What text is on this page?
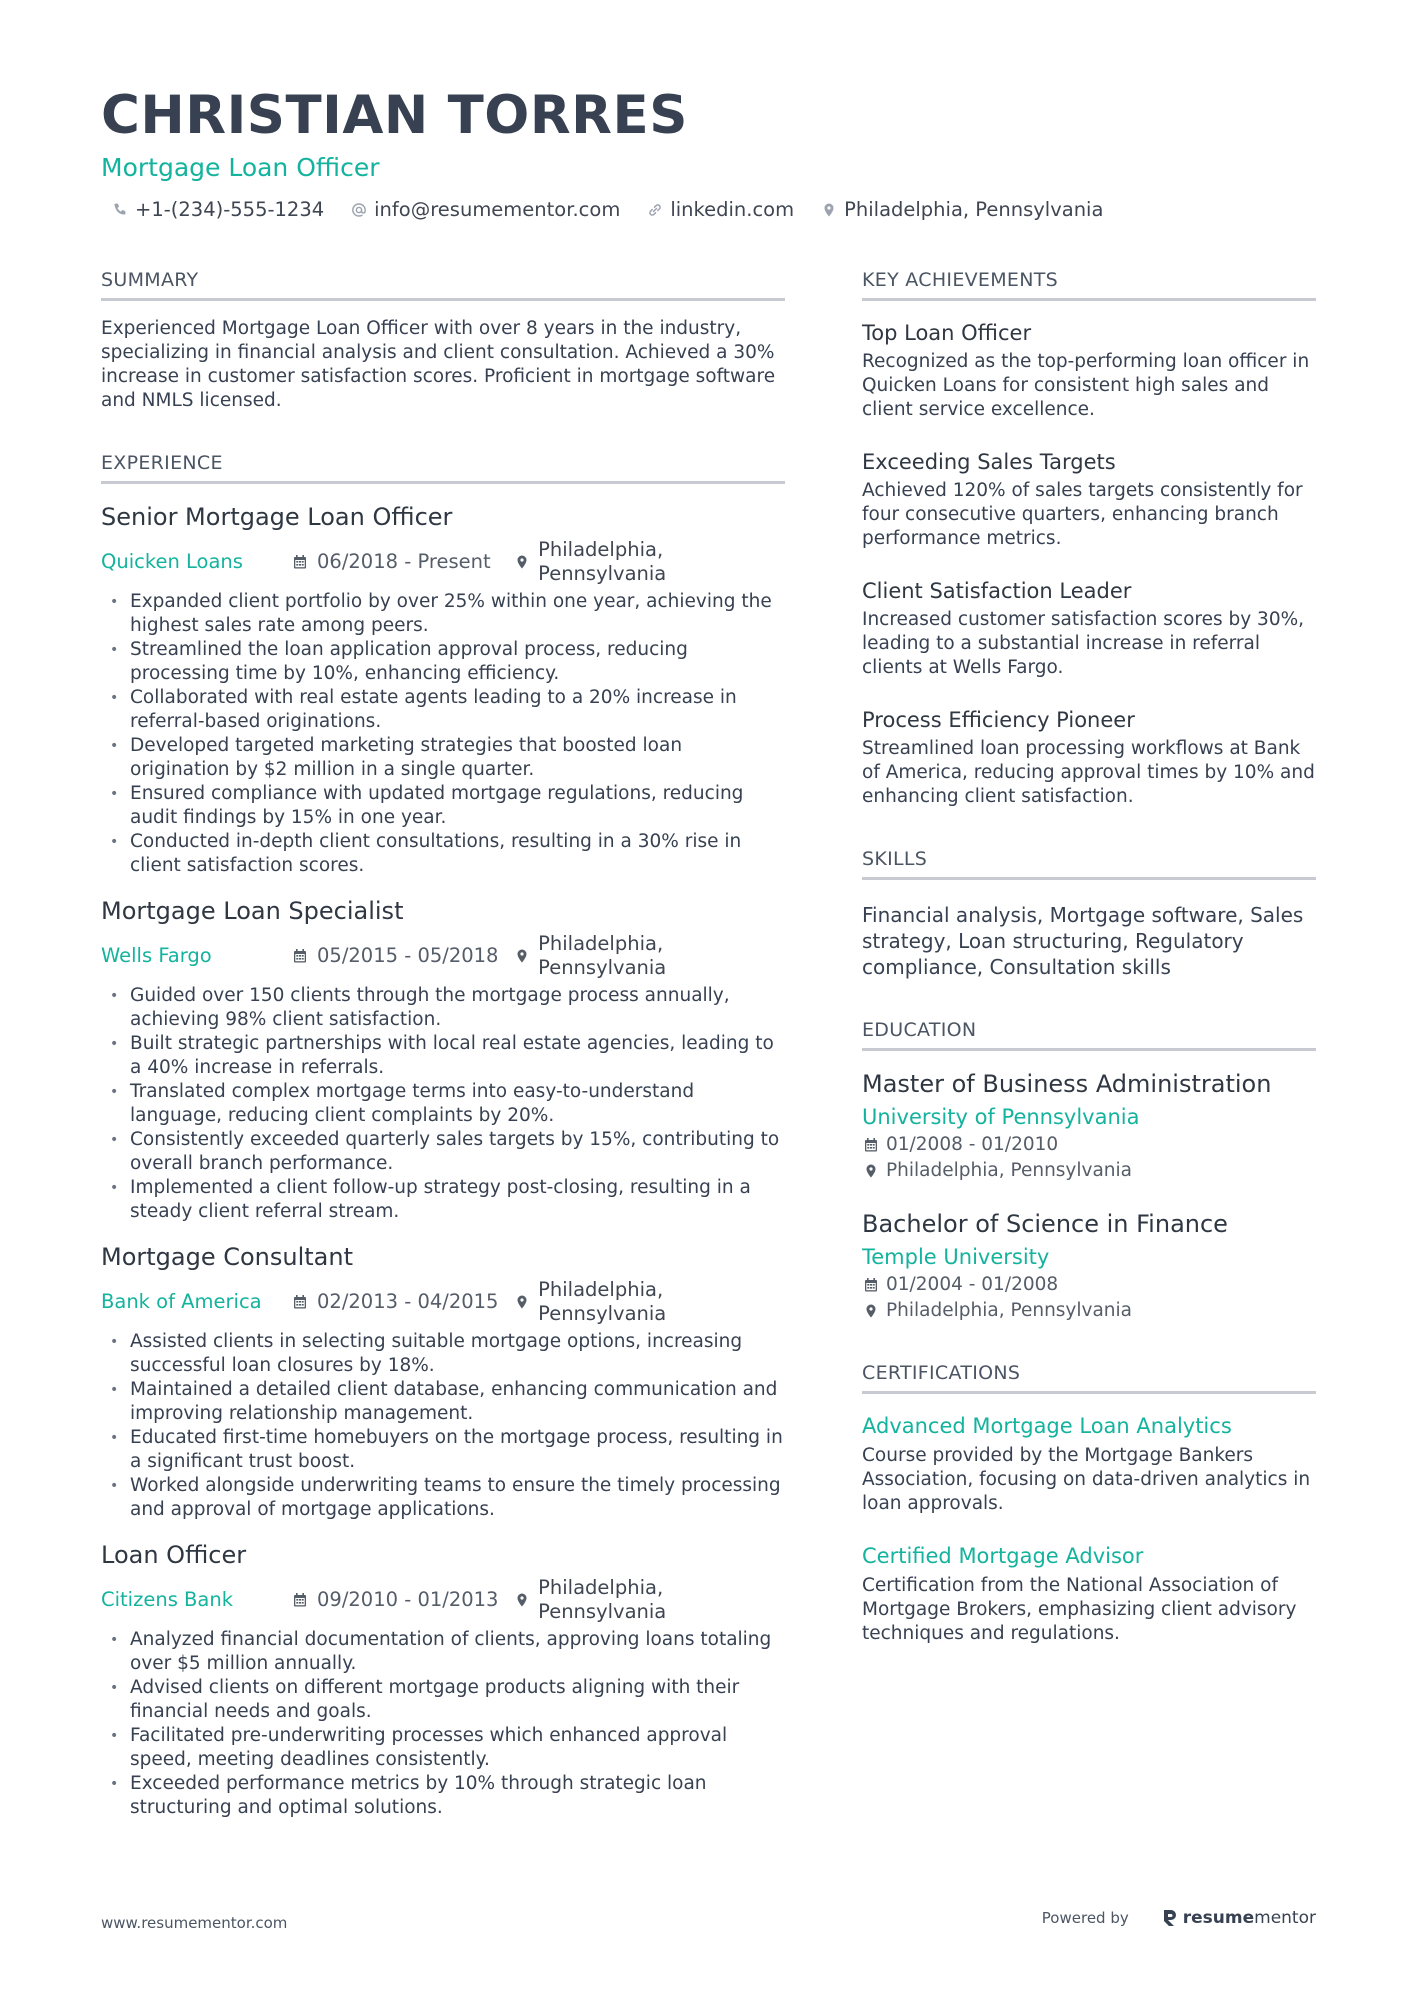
CHRISTIAN TORRES
Mortgage Loan Officer
+1-(234)-555-1234	info@resumementor.com	linkedin.com	Philadelphia, Pennsylvania
SUMMARY
Experienced Mortgage Loan Officer with over 8 years in the industry, specializing in financial analysis and client consultation. Achieved a 30% increase in customer satisfaction scores. Proficient in mortgage software and NMLS licensed.
EXPERIENCE
Senior Mortgage Loan Officer
Quicken Loans	06/2018 - Present
Philadelphia, Pennsylvania
• Expanded client portfolio by over 25% within one year, achieving the highest sales rate among peers.
• Streamlined the loan application approval process, reducing processing time by 10%, enhancing efficiency.
• Collaborated with real estate agents leading to a 20% increase in referral-based originations.
• Developed targeted marketing strategies that boosted loan origination by $2 million in a single quarter.
• Ensured compliance with updated mortgage regulations, reducing audit findings by 15% in one year.
• Conducted in-depth client consultations, resulting in a 30% rise in client satisfaction scores.
Mortgage Loan Specialist
Wells Fargo	05/2015 - 05/2018
Philadelphia, Pennsylvania
• Guided over 150 clients through the mortgage process annually, achieving 98% client satisfaction.
• Built strategic partnerships with local real estate agencies, leading to a 40% increase in referrals.
• Translated complex mortgage terms into easy-to-understand language, reducing client complaints by 20%.
• Consistently exceeded quarterly sales targets by 15%, contributing to overall branch performance.
• Implemented a client follow-up strategy post-closing, resulting in a steady client referral stream.
Mortgage Consultant
Bank of America	02/2013 - 04/2015
Philadelphia, Pennsylvania
• Assisted clients in selecting suitable mortgage options, increasing successful loan closures by 18%.
• Maintained a detailed client database, enhancing communication and improving relationship management.
• Educated first-time homebuyers on the mortgage process, resulting in a significant trust boost.
• Worked alongside underwriting teams to ensure the timely processing and approval of mortgage applications.
Loan Officer
Citizens Bank	09/2010 - 01/2013
Philadelphia, Pennsylvania
• Analyzed financial documentation of clients, approving loans totaling over $5 million annually.
• Advised clients on different mortgage products aligning with their financial needs and goals.
• Facilitated pre-underwriting processes which enhanced approval speed, meeting deadlines consistently.
• Exceeded performance metrics by 10% through strategic loan structuring and optimal solutions.
KEY ACHIEVEMENTS
Top Loan Officer
Recognized as the top-performing loan officer in Quicken Loans for consistent high sales and client service excellence.
Exceeding Sales Targets
Achieved 120% of sales targets consistently for four consecutive quarters, enhancing branch performance metrics.
Client Satisfaction Leader
Increased customer satisfaction scores by 30%, leading to a substantial increase in referral clients at Wells Fargo.
Process Efficiency Pioneer
Streamlined loan processing workflows at Bank of America, reducing approval times by 10% and enhancing client satisfaction.
SKILLS
Financial analysis, Mortgage software, Sales strategy, Loan structuring, Regulatory compliance, Consultation skills
EDUCATION
Master of Business Administration
University of Pennsylvania
01/2008 - 01/2010
Philadelphia, Pennsylvania
Bachelor of Science in Finance
Temple University
01/2004 - 01/2008
Philadelphia, Pennsylvania
CERTIFICATIONS
Advanced Mortgage Loan Analytics
Course provided by the Mortgage Bankers Association, focusing on data-driven analytics in loan approvals.
Certified Mortgage Advisor
Certification from the National Association of Mortgage Brokers, emphasizing client advisory techniques and regulations.
www.resumementor.com	Powered by	resume mentor
